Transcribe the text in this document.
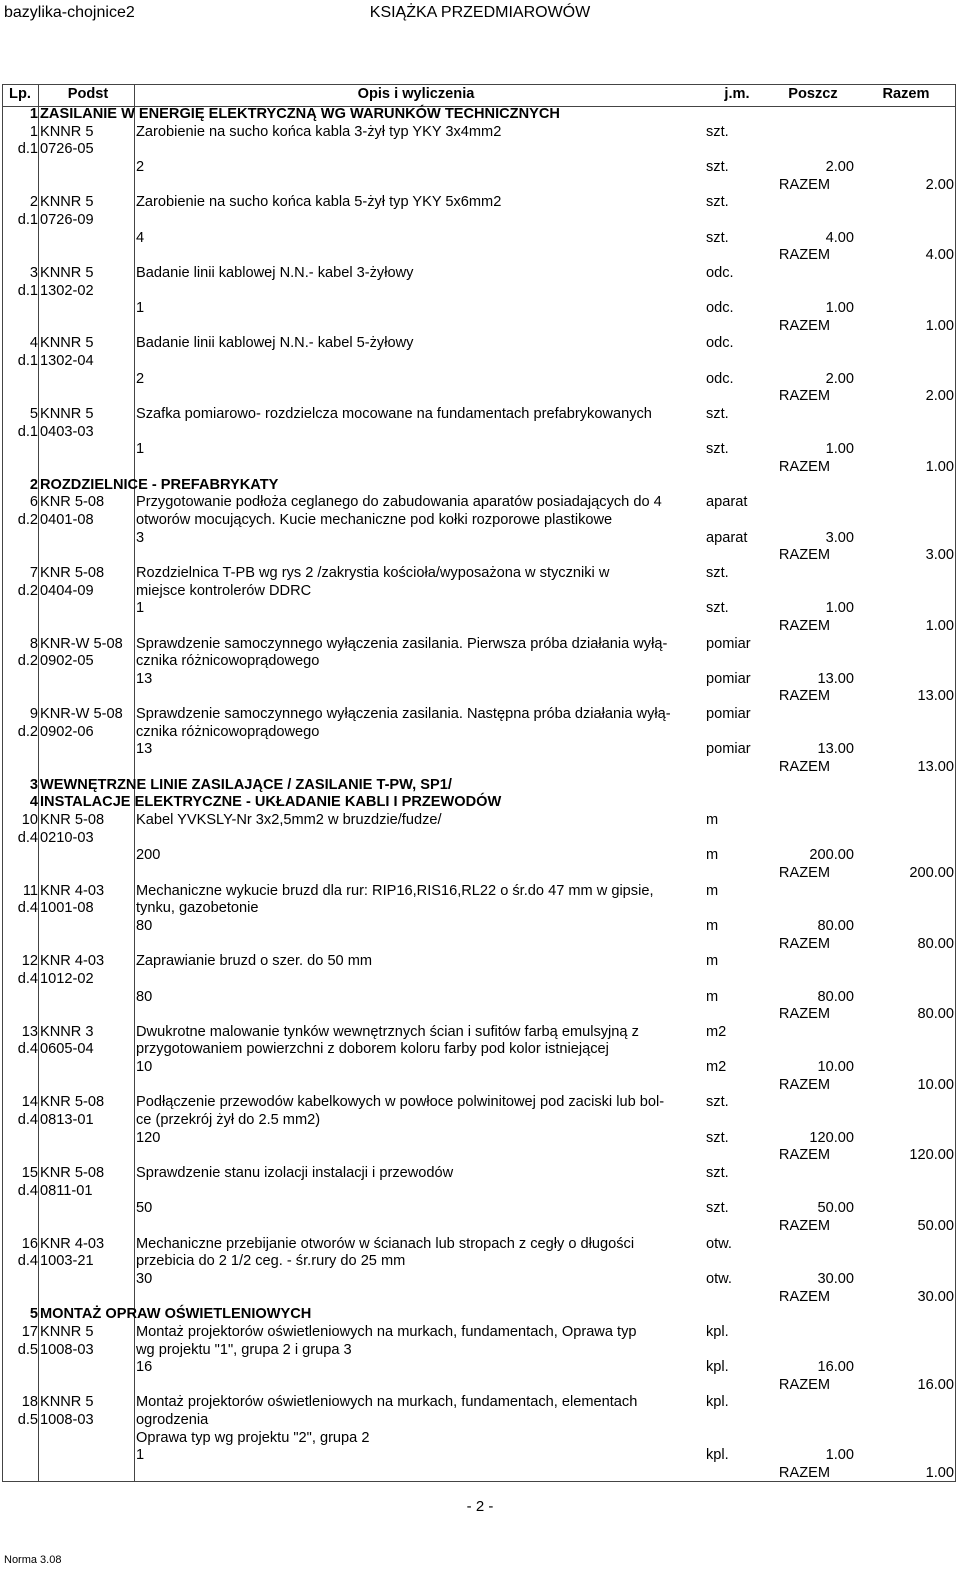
bazylika-chojnice2	KSIĄŻKA PRZEDMIAROWÓW
Lp.	Podst	Opis i wyliczenia	j.m.	Poszcz	Razem
1 ZASILANIE W ENERGIĘ ELEKTRYCZNĄ WG WARUNKÓW TECHNICZNYCH
1 KNNR 5	Zarobienie na sucho końca kabla 3-żył typ YKY 3x4mm2	szt.
d.1 0726-05
2	szt.	2.00
RAZEM	2.00
2 KNNR 5	Zarobienie na sucho końca kabla 5-żył typ YKY 5x6mm2	szt.
d.1 0726-09
4	szt.	4.00
RAZEM	4.00
3 KNNR 5	Badanie linii kablowej N.N.- kabel 3-żyłowy	odc.
d.1 1302-02
1	odc.	1.00
RAZEM	1.00
4 KNNR 5	Badanie linii kablowej N.N.- kabel 5-żyłowy	odc.
d.1 1302-04
2	odc.	2.00
RAZEM	2.00
5 KNNR 5	Szafka pomiarowo- rozdzielcza mocowane na fundamentach prefabrykowanych	szt.
d.1 0403-03
1	szt.	1.00
RAZEM	1.00
2 ROZDZIELNICE - PREFABRYKATY
6 KNR 5-08	Przygotowanie podłoża ceglanego do zabudowania aparatów posiadających do 4	aparat
d.2 0401-08	otworów mocujących. Kucie mechaniczne pod kołki rozporowe plastikowe
3	aparat	3.00
RAZEM	3.00
7 KNR 5-08	Rozdzielnica T-PB wg rys 2 /zakrystia kościoła/wyposażona w styczniki w	szt.
d.2 0404-09	miejsce kontrolerów DDRC
1	szt.	1.00
RAZEM	1.00
8 KNR-W 5-08 Sprawdzenie samoczynnego wyłączenia zasilania. Pierwsza próba działania wyłą-	pomiar
d.2 0902-05	cznika różnicowoprądowego
13	pomiar	13.00
RAZEM	13.00
9 KNR-W 5-08 Sprawdzenie samoczynnego wyłączenia zasilania. Następna próba działania wyłą-	pomiar
d.2 0902-06	cznika różnicowoprądowego
13	pomiar	13.00
RAZEM	13.00
3 WEWNĘTRZNE LINIE ZASILAJĄCE / ZASILANIE T-PW, SP1/
4 INSTALACJE ELEKTRYCZNE - UKŁADANIE KABLI I PRZEWODÓW
10 KNR 5-08	Kabel YVKSLY-Nr 3x2,5mm2 w bruzdzie/fudze/	m
d.4 0210-03
200	m	200.00
RAZEM	200.00
11 KNR 4-03	Mechaniczne wykucie bruzd dla rur: RIP16,RIS16,RL22 o śr.do 47 mm w gipsie,	m
d.4 1001-08	tynku, gazobetonie
80	m	80.00
RAZEM	80.00
12 KNR 4-03	Zaprawianie bruzd o szer. do 50 mm	m
d.4 1012-02
80	m	80.00
RAZEM	80.00
13 KNNR 3	Dwukrotne malowanie tynków wewnętrznych ścian i sufitów farbą emulsyjną z	m2
d.4 0605-04	przygotowaniem powierzchni z doborem koloru farby pod kolor istniejącej
10	m2	10.00
RAZEM	10.00
14 KNR 5-08	Podłączenie przewodów kabelkowych w powłoce polwinitowej pod zaciski lub bol-	szt.
d.4 0813-01	ce (przekrój żył do 2.5 mm2)
120	szt.	120.00
RAZEM	120.00
15 KNR 5-08	Sprawdzenie stanu izolacji instalacji i przewodów	szt.
d.4 0811-01
50	szt.	50.00
RAZEM	50.00
16 KNR 4-03	Mechaniczne przebijanie otworów w ścianach lub stropach z cegły o długości	otw.
d.4 1003-21	przebicia do 2 1/2 ceg. - śr.rury do 25 mm
30	otw.	30.00
RAZEM	30.00
5 MONTAŻ OPRAW OŚWIETLENIOWYCH
17 KNNR 5	Montaż projektorów oświetleniowych na murkach, fundamentach, Oprawa typ	kpl.
d.5 1008-03	wg projektu "1", grupa 2 i grupa 3
16	kpl.	16.00
RAZEM	16.00
18 KNNR 5	Montaż projektorów oświetleniowych na murkach, fundamentach, elementach	kpl.
d.5 1008-03	ogrodzenia
Oprawa typ wg projektu "2", grupa 2
1	kpl.	1.00
RAZEM	1.00
- 2 -
Norma 3.08
